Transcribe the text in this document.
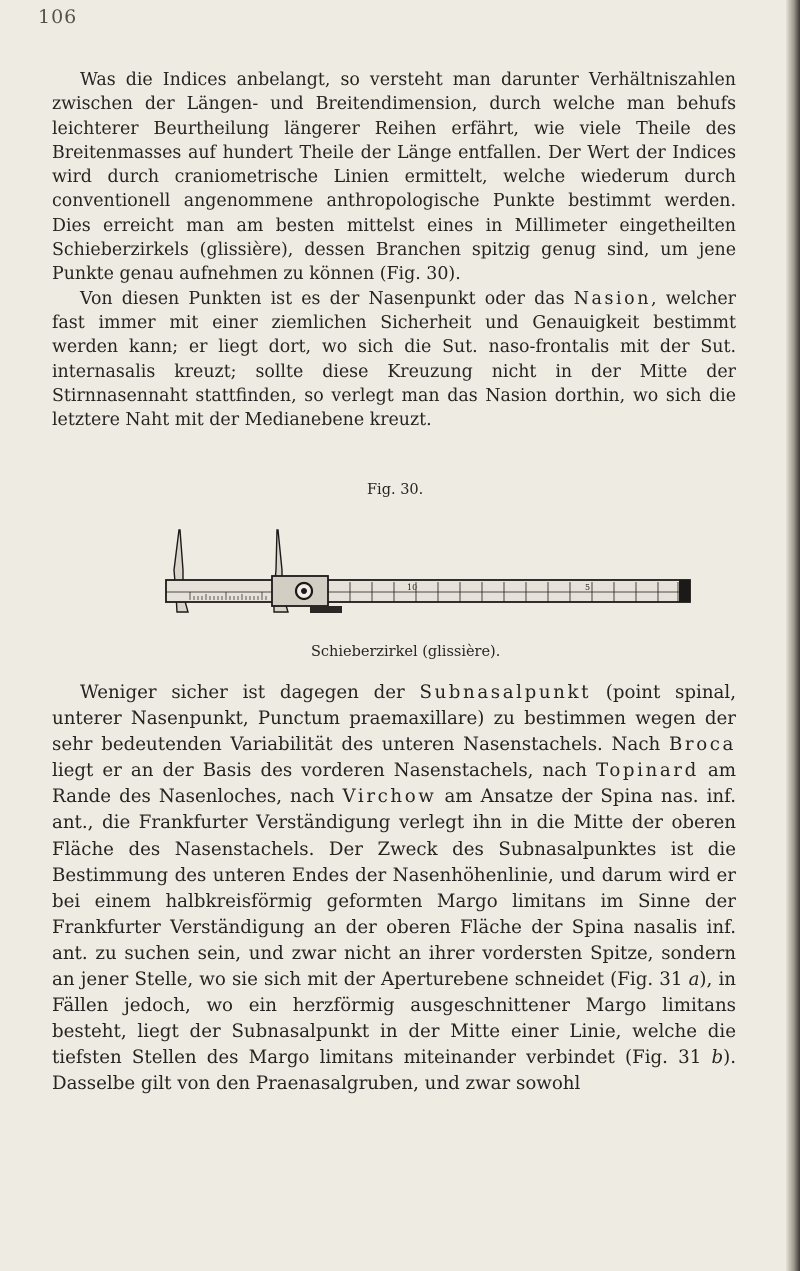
106

Was die Indices anbelangt, so versteht man darunter Verhältniszahlen zwischen der Längen- und Breitendimension, durch welche man behufs leichterer Beurtheilung längerer Reihen erfährt, wie viele Theile des Breitenmasses auf hundert Theile der Länge entfallen. Der Wert der Indices wird durch craniometrische Linien ermittelt, welche wiederum durch conventionell angenommene anthropologische Punkte bestimmt werden. Dies erreicht man am besten mittelst eines in Millimeter eingetheilten Schieberzirkels (glissière), dessen Branchen spitzig genug sind, um jene Punkte genau aufnehmen zu können (Fig. 30).

Von diesen Punkten ist es der Nasenpunkt oder das Nasion, welcher fast immer mit einer ziemlichen Sicherheit und Genauigkeit bestimmt werden kann; er liegt dort, wo sich die Sut. naso-frontalis mit der Sut. internasalis kreuzt; sollte diese Kreuzung nicht in der Mitte der Stirnnasennaht stattfinden, so verlegt man das Nasion dorthin, wo sich die letztere Naht mit der Medianebene kreuzt.

Fig. 30.
10	5
Schieberzirkel (glissière).

Weniger sicher ist dagegen der Subnasalpunkt (point spinal, unterer Nasenpunkt, Punctum praemaxillare) zu bestimmen wegen der sehr bedeutenden Variabilität des unteren Nasenstachels. Nach Broca liegt er an der Basis des vorderen Nasenstachels, nach Topinard am Rande des Nasenloches, nach Virchow am Ansatze der Spina nas. inf. ant., die Frankfurter Verständigung verlegt ihn in die Mitte der oberen Fläche des Nasenstachels. Der Zweck des Subnasalpunktes ist die Bestimmung des unteren Endes der Nasenhöhenlinie, und darum wird er bei einem halbkreisförmig geformten Margo limitans im Sinne der Frankfurter Verständigung an der oberen Fläche der Spina nasalis inf. ant. zu suchen sein, und zwar nicht an ihrer vordersten Spitze, sondern an jener Stelle, wo sie sich mit der Aperturebene schneidet (Fig. 31 a), in Fällen jedoch, wo ein herzförmig ausgeschnittener Margo limitans besteht, liegt der Subnasalpunkt in der Mitte einer Linie, welche die tiefsten Stellen des Margo limitans miteinander verbindet (Fig. 31 b). Dasselbe gilt von den Praenasalgruben, und zwar sowohl
